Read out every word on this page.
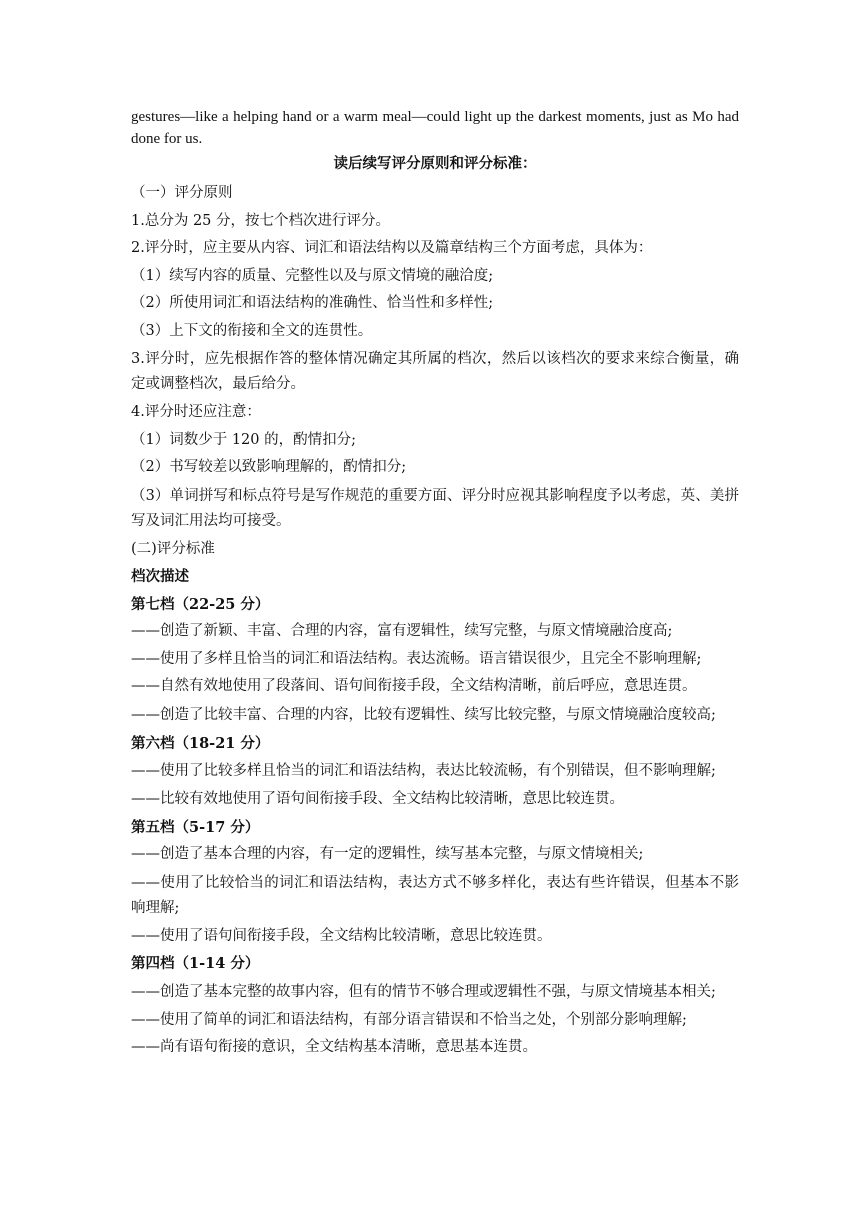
gestures—like a helping hand or a warm meal—could light up the darkest moments, just as Mo had done for us.

读后续写评分原则和评分标准：

（一）评分原则

1.总分为 25 分，按七个档次进行评分。

2.评分时，应主要从内容、词汇和语法结构以及篇章结构三个方面考虑，具体为：

（1）续写内容的质量、完整性以及与原文情境的融洽度;

（2）所使用词汇和语法结构的准确性、恰当性和多样性;

（3）上下文的衔接和全文的连贯性。

3.评分时，应先根据作答的整体情况确定其所属的档次，然后以该档次的要求来综合衡量，确定或调整档次，最后给分。

4.评分时还应注意：

（1）词数少于 120 的，酌情扣分;

（2）书写较差以致影响理解的，酌情扣分;

（3）单词拼写和标点符号是写作规范的重要方面、评分时应视其影响程度予以考虑，英、美拼写及词汇用法均可接受。

(二)评分标准

档次描述

第七档（22-25 分）

——创造了新颖、丰富、合理的内容，富有逻辑性，续写完整，与原文情境融洽度高;

——使用了多样且恰当的词汇和语法结构。表达流畅。语言错误很少，且完全不影响理解;

——自然有效地使用了段落间、语句间衔接手段，全文结构清晰，前后呼应，意思连贯。

——创造了比较丰富、合理的内容，比较有逻辑性、续写比较完整，与原文情境融洽度较高;

第六档（18-21 分）

——使用了比较多样且恰当的词汇和语法结构，表达比较流畅，有个别错误，但不影响理解;

——比较有效地使用了语句间衔接手段、全文结构比较清晰，意思比较连贯。

第五档（5-17 分）

——创造了基本合理的内容，有一定的逻辑性，续写基本完整，与原文情境相关;

——使用了比较恰当的词汇和语法结构，表达方式不够多样化，表达有些许错误，但基本不影响理解;

——使用了语句间衔接手段，全文结构比较清晰，意思比较连贯。

第四档（1-14 分）

——创造了基本完整的故事内容，但有的情节不够合理或逻辑性不强，与原文情境基本相关;

——使用了简单的词汇和语法结构，有部分语言错误和不恰当之处，个别部分影响理解;

——尚有语句衔接的意识，全文结构基本清晰，意思基本连贯。
